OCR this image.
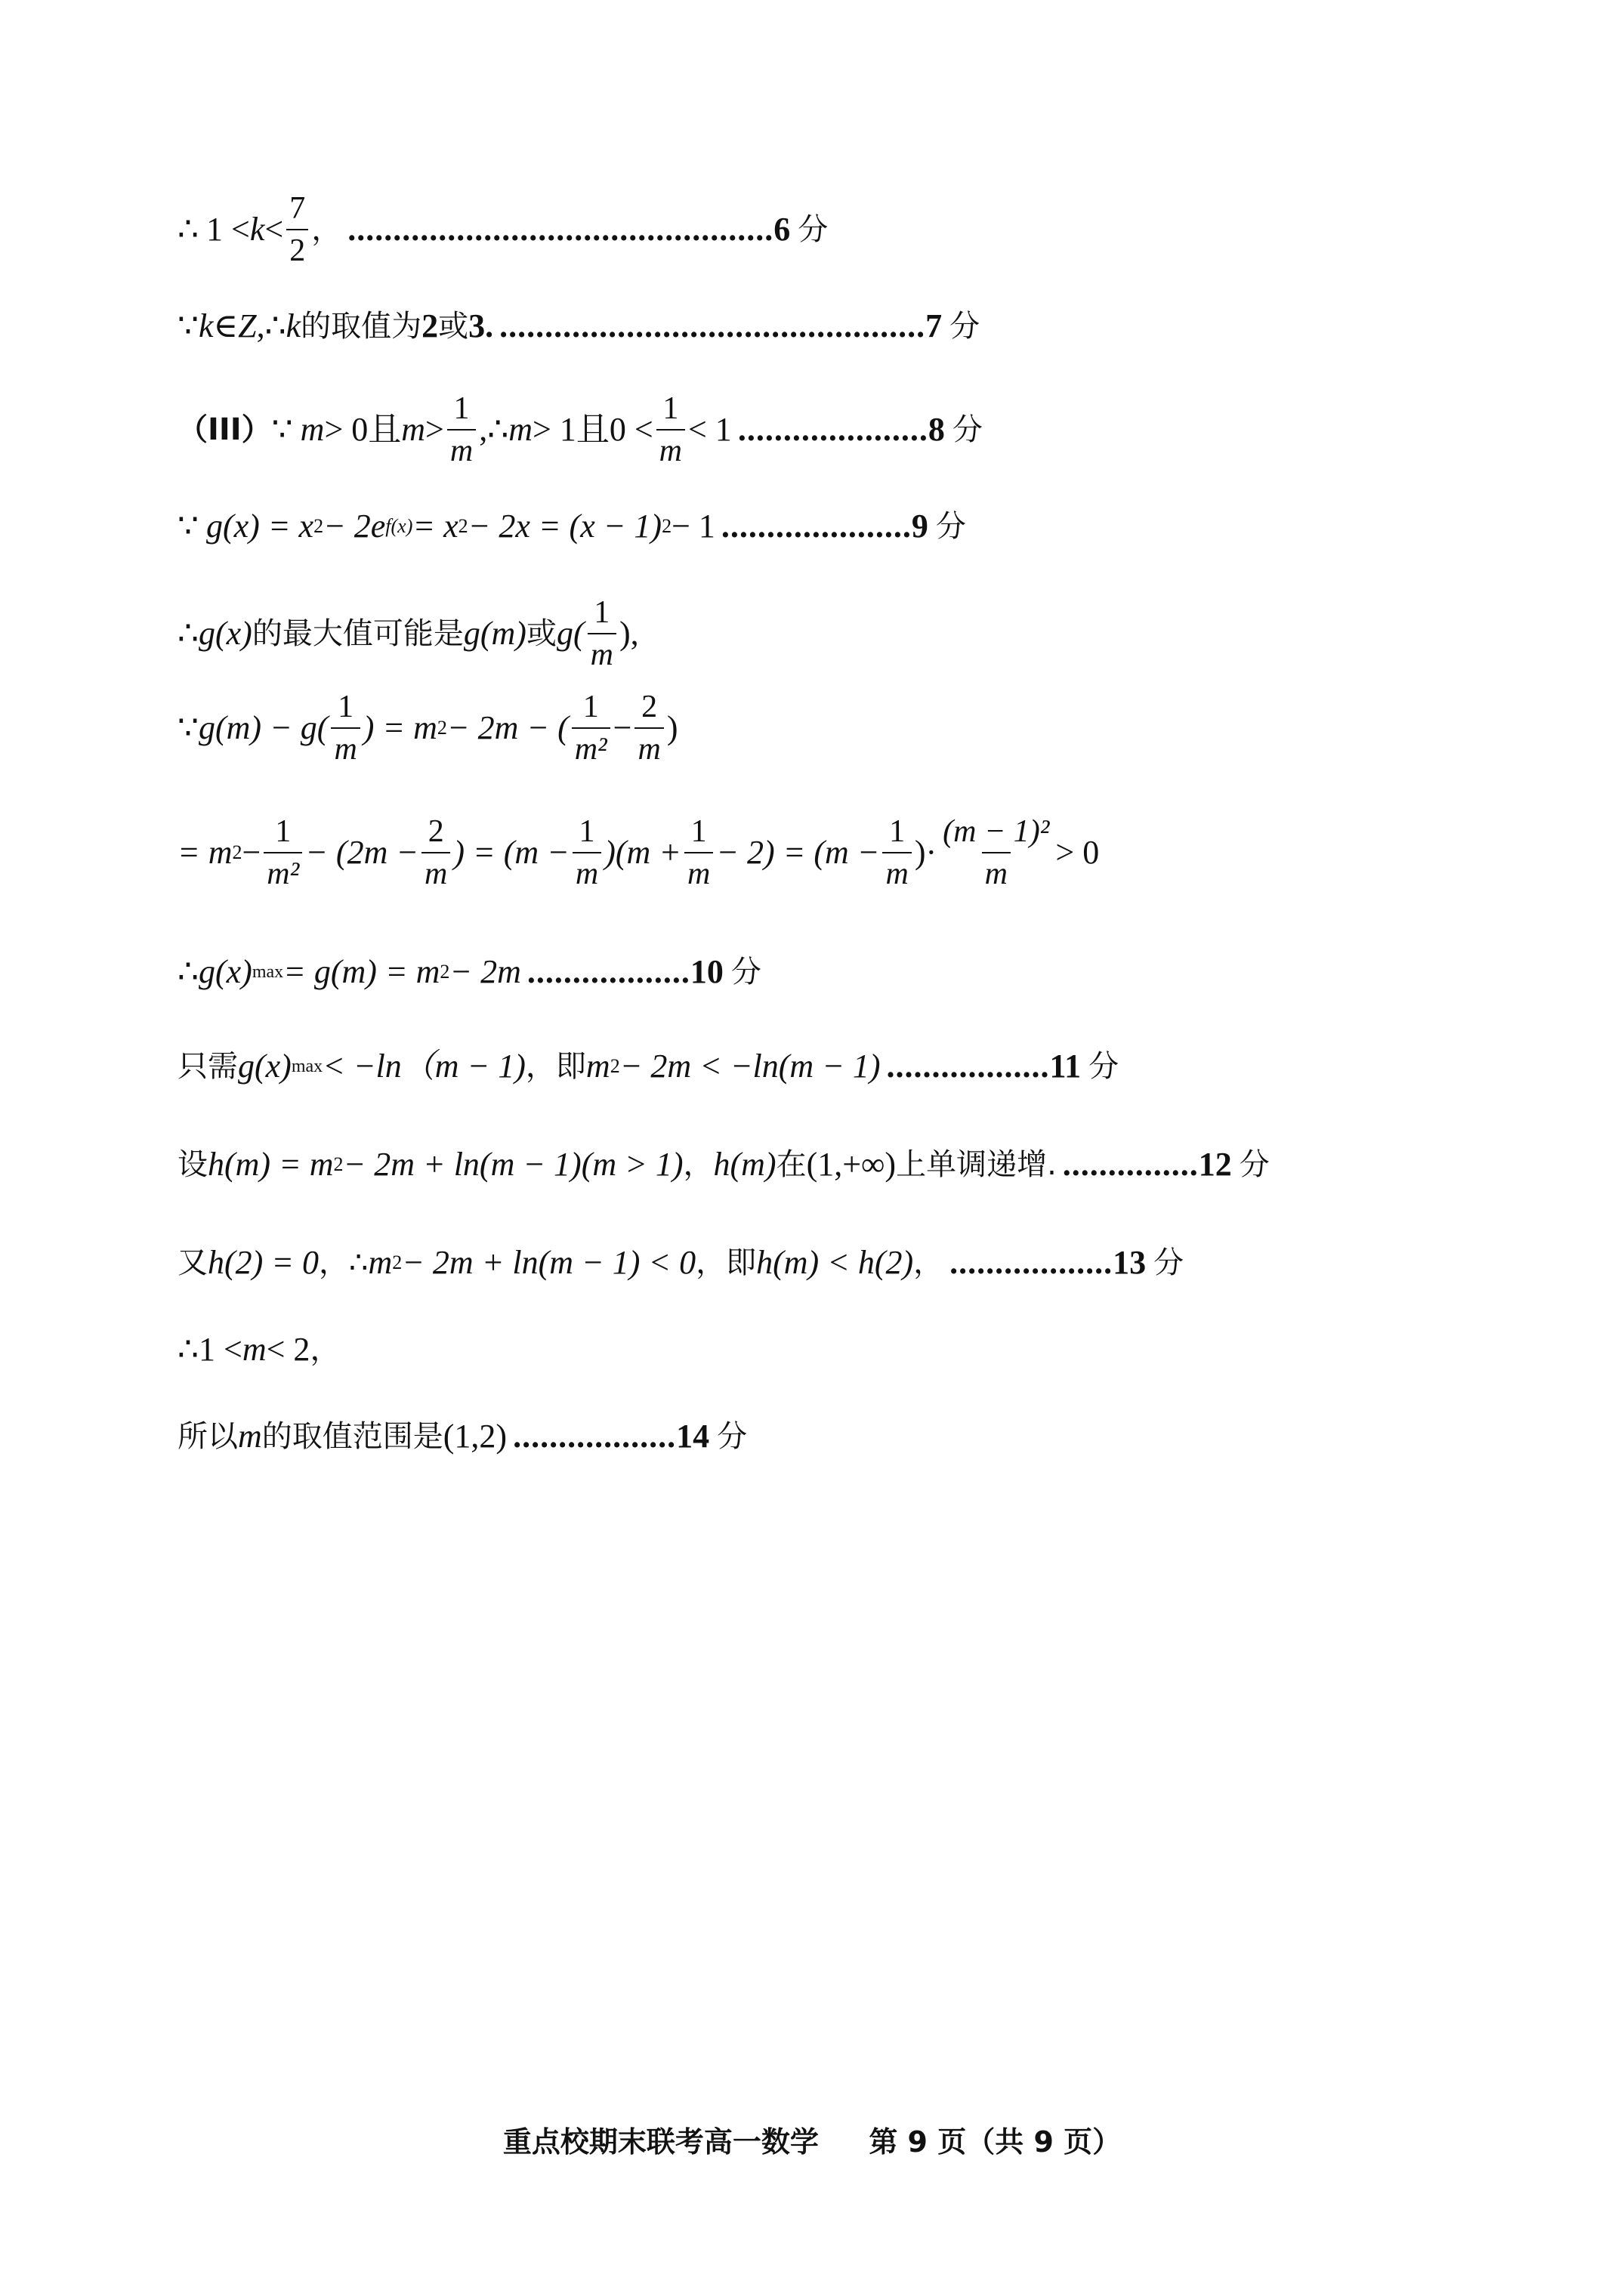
∴ $1 < k < \frac{7}{2}$ ， ............................................... 6 分
∵ k ∈ Z ,∴ k 的取值为 2 或 3. ............................................... 7 分
（III） ∵ m > 0且 $m > \frac{1}{m}$ ,∴ m > 1且$0 < \frac{1}{m} < 1$ ..................... 8 分
∵ g(x) = x 2 − 2e f(x) = x 2 − 2x = (x − 1) 2 − 1 ..................... 9 分
∴ g(x) 的最大值可能是 g(m) 或 $g( \frac{1}{m}$ ),
∵ $g(m) - g( \frac{1}{m}$ ) = m 2 − 2m − ( $\frac{1}{\text{m²}} - \frac{2}{m}$ )
= m $2 - \frac{1}{\text{m²}} - (2m - \frac{2}{m}$ ) = $(m - \frac{1}{m} )(m + \frac{1}{m} - 2) = (m - \frac{1}{m}$ )· $\frac{\text{(m − 1)²}}{m} > 0$
∴ g(x) max = g(m) = m 2 − 2m .................. 10 分
只需 g(x) max < −ln（m − 1) ，即 m 2 − 2m < −ln(m − 1) .................. 11 分
设 h(m) = m 2 − 2m + ln(m − 1)(m > 1) ， h(m) 在 (1,+∞) 上单调递增. ............... 12 分
又 h(2) = 0 ，∴ m 2 − 2m + ln(m − 1) < 0 ，即 h(m) < h(2) ， .................. 13 分
∴ 1 < m < 2 ，
所以 m 的取值范围是 (1,2) .................. 14 分
重点校期末联考高一数学 第 9 页（共 9 页）
